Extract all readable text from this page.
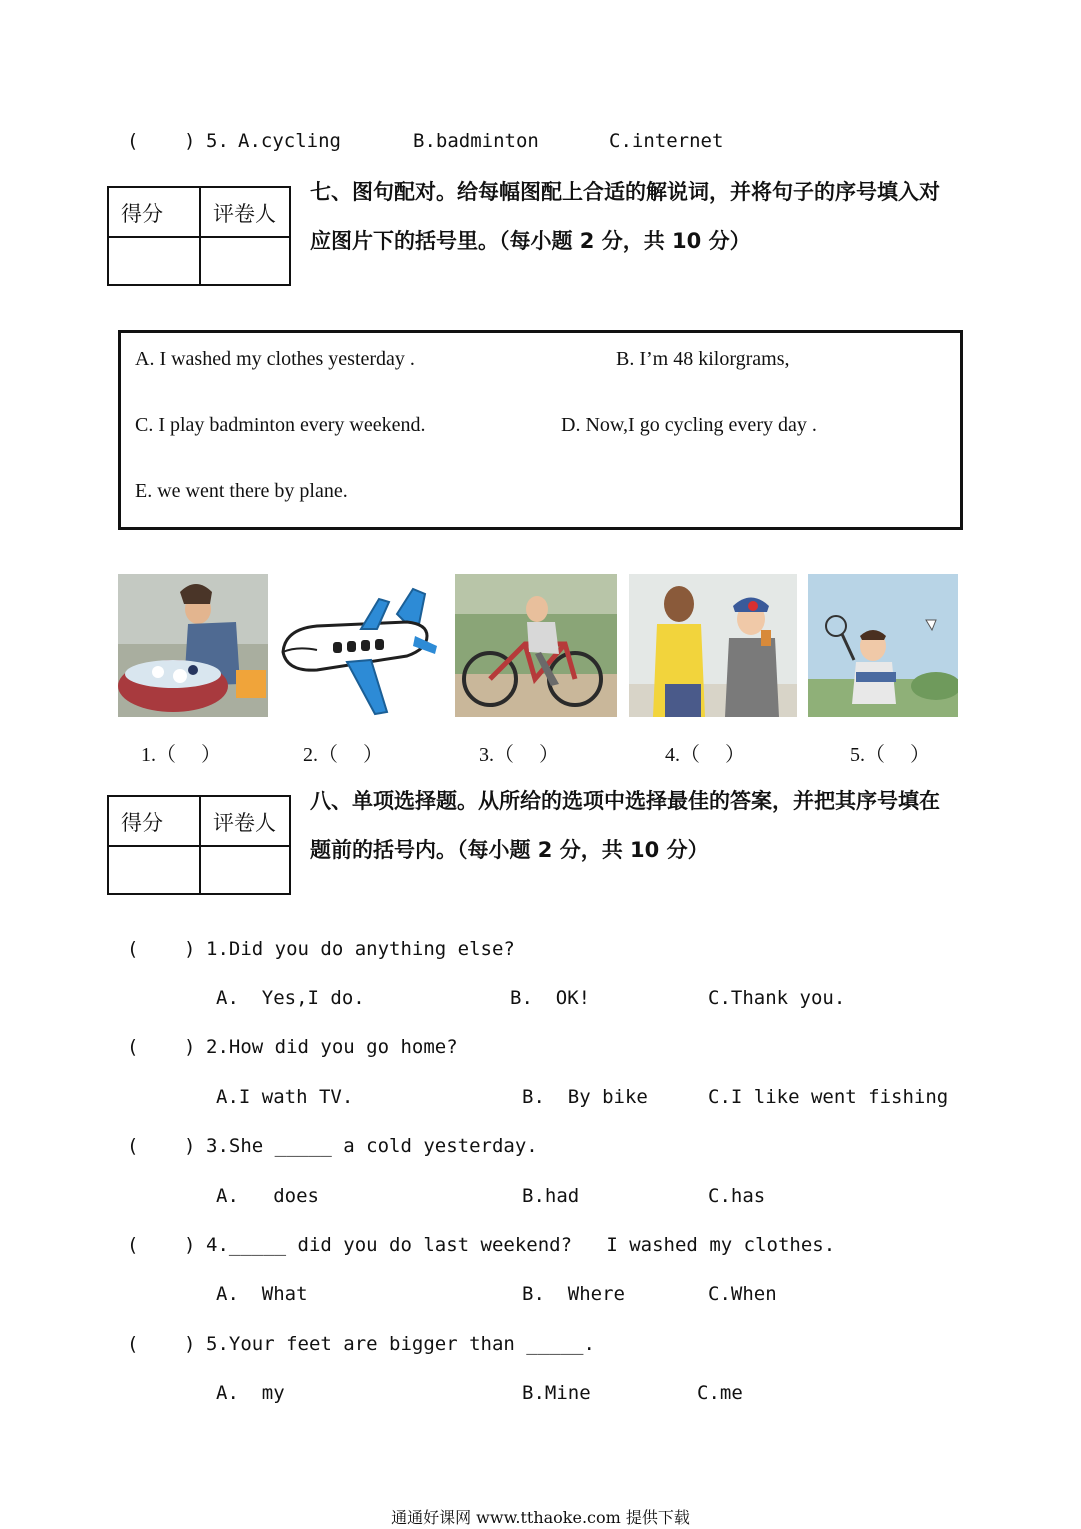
( ) 5. A.cycling	B.badminton	C.internet
得分 评卷人
七、图句配对。给每幅图配上合适的解说词，并将句子的序号填入对
应图片下的括号里。（每小题 2 分，共 10 分）
A. I washed my clothes yesterday .	B. I’m 48 kilorgrams,
C. I play badminton every weekend.	D. Now,I go cycling every day .
E. we went there by plane.
1.（     ）	2.（     ）	3.（     ）	4.（     ）	5.（     ）
得分 评卷人
八、单项选择题。从所给的选项中选择最佳的答案，并把其序号填在
题前的括号内。（每小题 2 分，共 10 分）
( ) 1.Did you do anything else?
A.  Yes,I do.	B.  OK!	C.Thank you.
( ) 2.How did you go home?
A.I wath TV.	B.  By bike	C.I like went fishing
( ) 3.She _____ a cold yesterday.
A.   does	B.had	C.has
( ) 4._____ did you do last weekend?   I washed my clothes.
A.  What	B.  Where	C.When
( ) 5.Your feet are bigger than _____.
A.  my	B.Mine	C.me
通通好课网 www.tthaoke.com 提供下载
